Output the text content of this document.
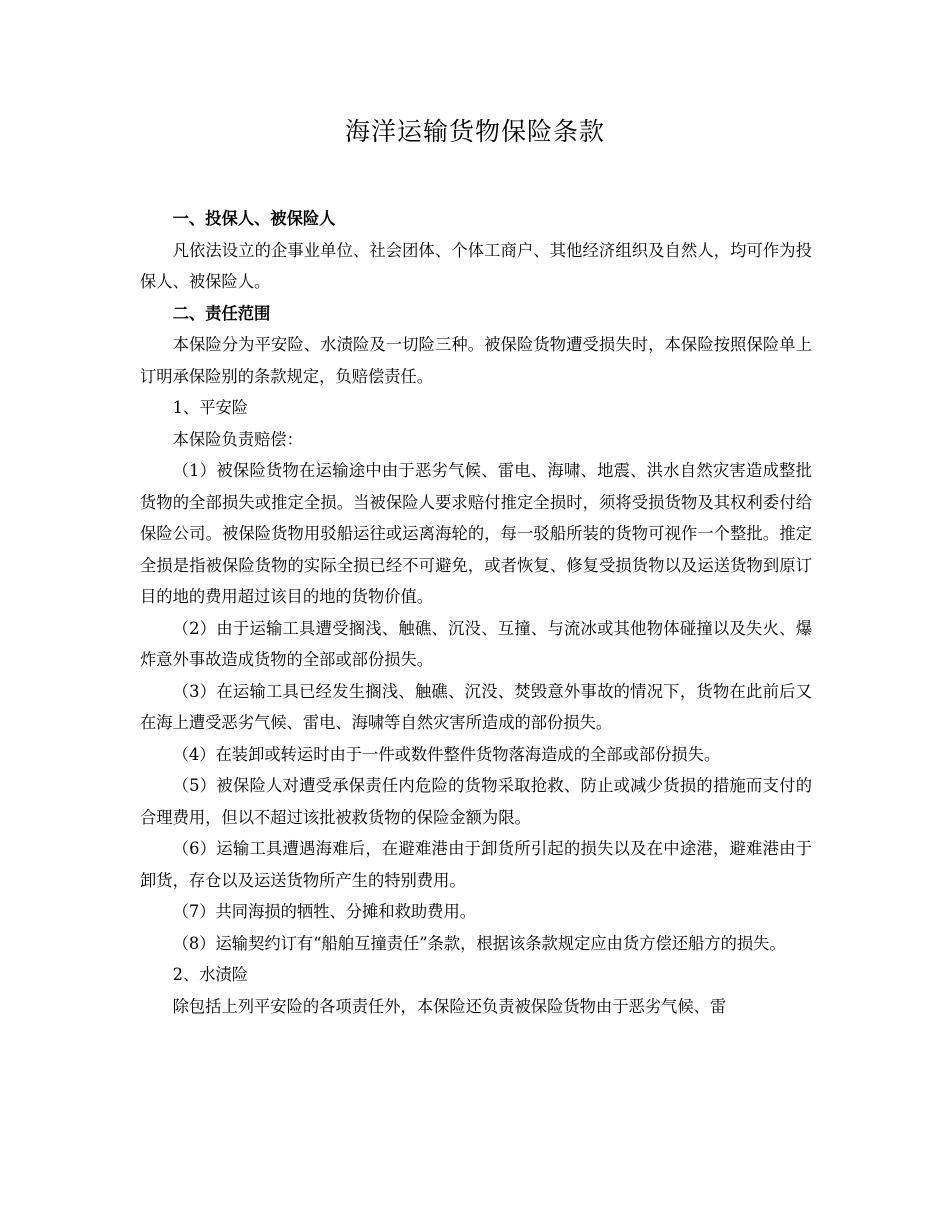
海洋运输货物保险条款

一、投保人、被保险人

凡依法设立的企事业单位、社会团体、个体工商户、其他经济组织及自然人，均可作为投保人、被保险人。

二、责任范围

本保险分为平安险、水渍险及一切险三种。被保险货物遭受损失时，本保险按照保险单上订明承保险别的条款规定，负赔偿责任。

1、平安险

本保险负责赔偿：

（1）被保险货物在运输途中由于恶劣气候、雷电、海啸、地震、洪水自然灾害造成整批货物的全部损失或推定全损。当被保险人要求赔付推定全损时，须将受损货物及其权利委付给保险公司。被保险货物用驳船运往或运离海轮的，每一驳船所装的货物可视作一个整批。推定全损是指被保险货物的实际全损已经不可避免，或者恢复、修复受损货物以及运送货物到原订目的地的费用超过该目的地的货物价值。

（2）由于运输工具遭受搁浅、触礁、沉没、互撞、与流冰或其他物体碰撞以及失火、爆炸意外事故造成货物的全部或部份损失。

（3）在运输工具已经发生搁浅、触礁、沉没、焚毁意外事故的情况下，货物在此前后又在海上遭受恶劣气候、雷电、海啸等自然灾害所造成的部份损失。

（4）在装卸或转运时由于一件或数件整件货物落海造成的全部或部份损失。

（5）被保险人对遭受承保责任内危险的货物采取抢救、防止或减少货损的措施而支付的合理费用，但以不超过该批被救货物的保险金额为限。

（6）运输工具遭遇海难后，在避难港由于卸货所引起的损失以及在中途港，避难港由于卸货，存仓以及运送货物所产生的特别费用。

（7）共同海损的牺牲、分摊和救助费用。

（8）运输契约订有“船舶互撞责任”条款，根据该条款规定应由货方偿还船方的损失。

2、水渍险

除包括上列平安险的各项责任外，本保险还负责被保险货物由于恶劣气候、雷
